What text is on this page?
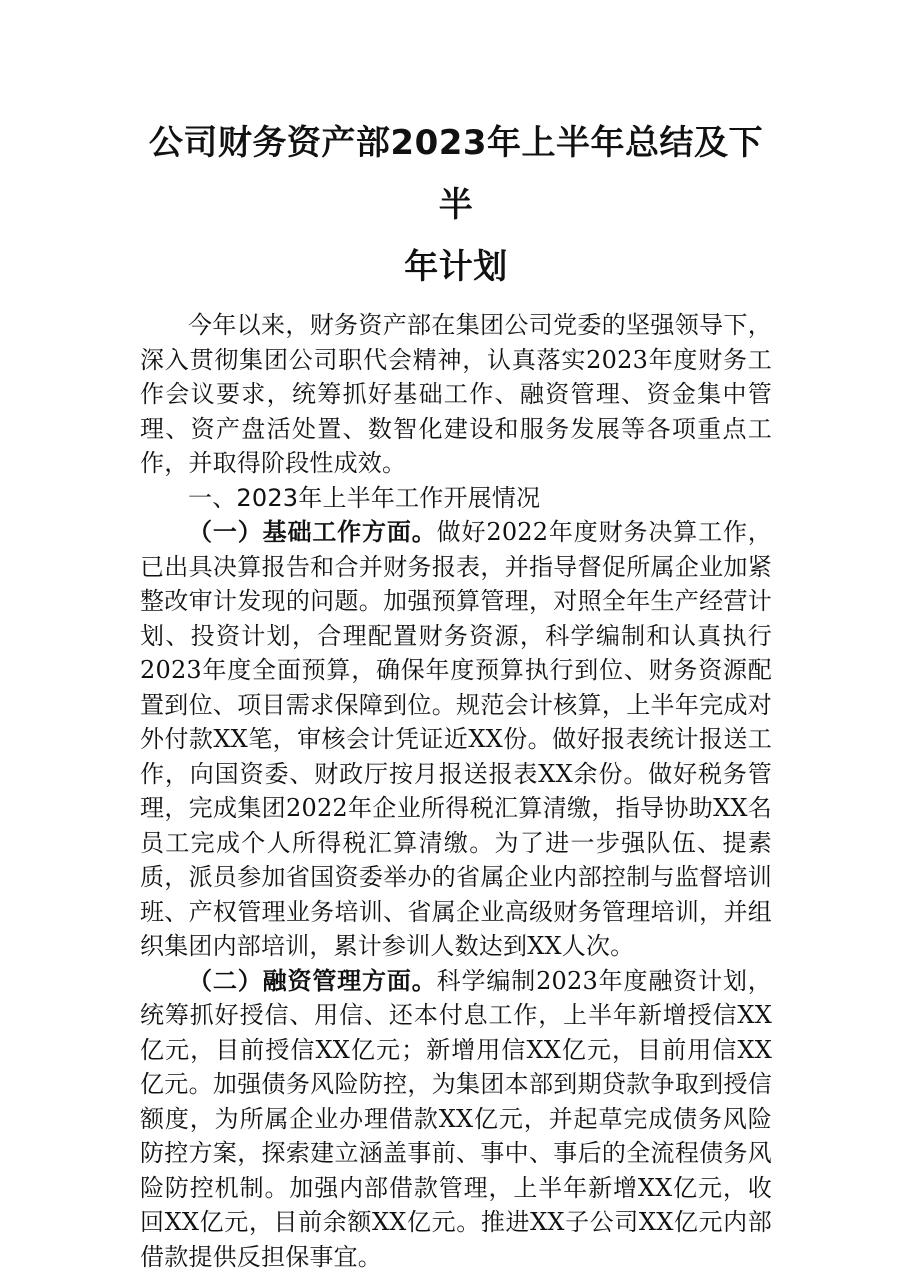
公司财务资产部2023年上半年总结及下半
年计划

今年以来，财务资产部在集团公司党委的坚强领导下，深入贯彻集团公司职代会精神，认真落实2023年度财务工作会议要求，统筹抓好基础工作、融资管理、资金集中管理、资产盘活处置、数智化建设和服务发展等各项重点工作，并取得阶段性成效。

一、2023年上半年工作开展情况

（一）基础工作方面。做好2022年度财务决算工作，已出具决算报告和合并财务报表，并指导督促所属企业加紧整改审计发现的问题。加强预算管理，对照全年生产经营计划、投资计划，合理配置财务资源，科学编制和认真执行2023年度全面预算，确保年度预算执行到位、财务资源配置到位、项目需求保障到位。规范会计核算，上半年完成对外付款XX笔，审核会计凭证近XX份。做好报表统计报送工作，向国资委、财政厅按月报送报表XX余份。做好税务管理，完成集团2022年企业所得税汇算清缴，指导协助XX名员工完成个人所得税汇算清缴。为了进一步强队伍、提素质，派员参加省国资委举办的省属企业内部控制与监督培训班、产权管理业务培训、省属企业高级财务管理培训，并组织集团内部培训，累计参训人数达到XX人次。

（二）融资管理方面。科学编制2023年度融资计划，统筹抓好授信、用信、还本付息工作，上半年新增授信XX亿元，目前授信XX亿元；新增用信XX亿元，目前用信XX亿元。加强债务风险防控，为集团本部到期贷款争取到授信额度，为所属企业办理借款XX亿元，并起草完成债务风险防控方案，探索建立涵盖事前、事中、事后的全流程债务风险防控机制。加强内部借款管理，上半年新增XX亿元，收回XX亿元，目前余额XX亿元。推进XX子公司XX亿元内部借款提供反担保事宜。
